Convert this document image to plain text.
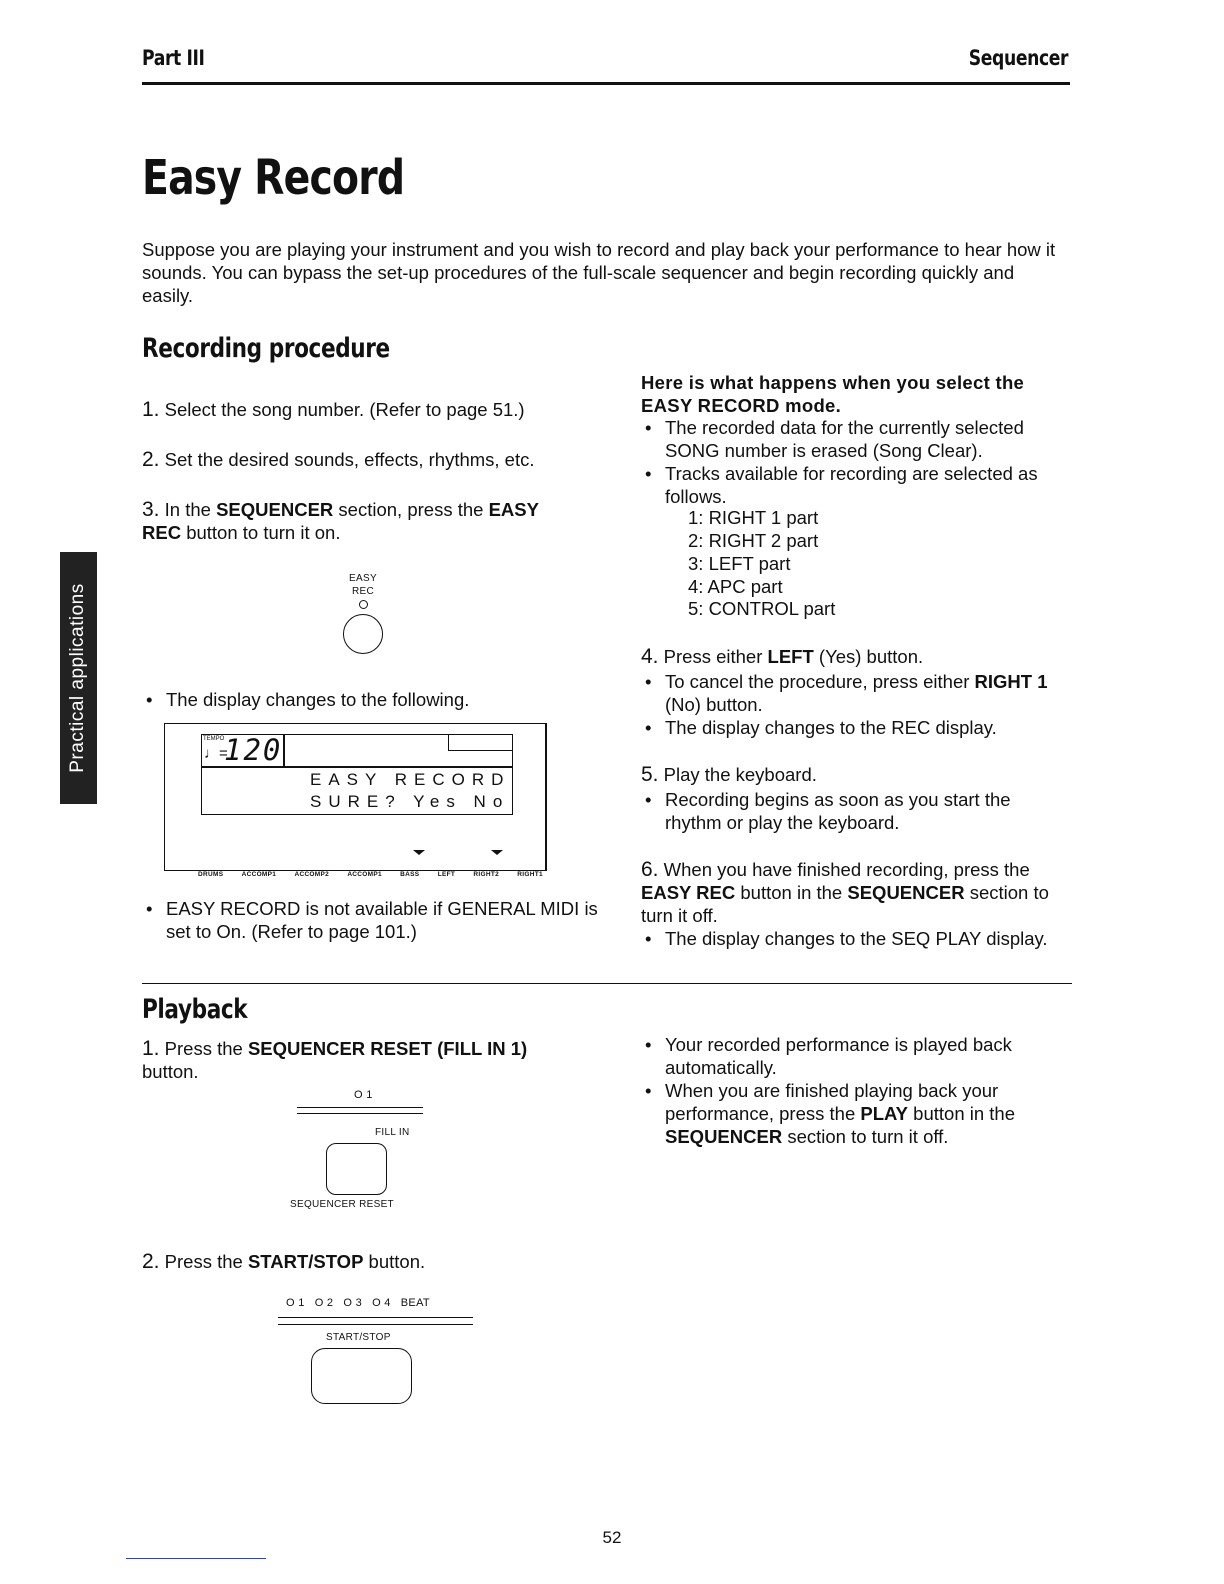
Part III	Sequencer
Easy Record

Suppose you are playing your instrument and you wish to record and play back your performance to hear how it sounds. You can bypass the set-up procedures of the full-scale sequencer and begin recording quickly and easily.

Practical applications
Recording procedure
1. Select the song number. (Refer to page 51.)
2. Set the desired sounds, effects, rhythms, etc.
3. In the SEQUENCER section, press the EASY REC button to turn it on.
EASY
REC
• The display changes to the following.
TEMPO
♩=
120
EASY RECORD
SURE? Yes No
DRUMS	ACCOMP1	ACCOMP2	ACCOMP1	BASS	LEFT	RIGHT2	RIGHT1
• EASY RECORD is not available if GENERAL MIDI is set to On. (Refer to page 101.)
Here is what happens when you select the EASY RECORD mode.
• The recorded data for the currently selected SONG number is erased (Song Clear).
• Tracks available for recording are selected as follows.
1: RIGHT 1 part
2: RIGHT 2 part
3: LEFT part
4: APC part
5: CONTROL part
4. Press either LEFT (Yes) button.
• To cancel the procedure, press either RIGHT 1 (No) button.
• The display changes to the REC display.
5. Play the keyboard.
• Recording begins as soon as you start the rhythm or play the keyboard.
6. When you have finished recording, press the EASY REC button in the SEQUENCER section to turn it off.
• The display changes to the SEQ PLAY display.
Playback
1. Press the SEQUENCER RESET (FILL IN 1) button.
O 1
FILL IN
SEQUENCER RESET
2. Press the START/STOP button.
O 1   O 2   O 3   O 4   BEAT
START/STOP
• Your recorded performance is played back automatically.
• When you are finished playing back your performance, press the PLAY button in the SEQUENCER section to turn it off.
52
